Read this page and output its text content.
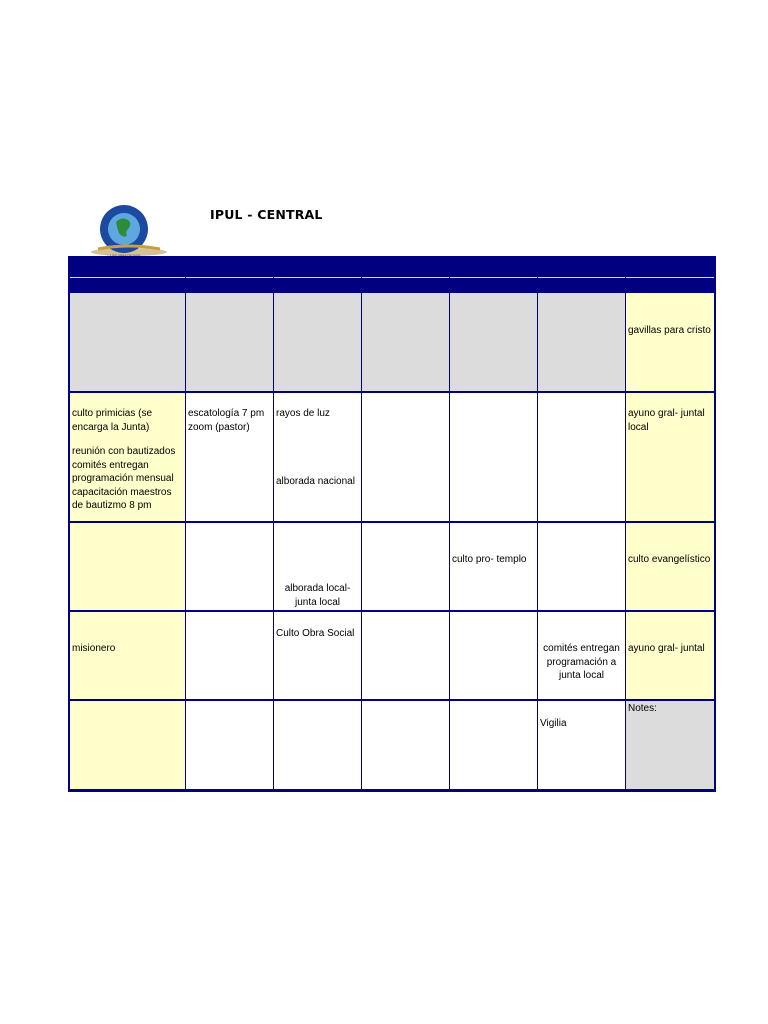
IPUL - CENTRAL
gavillas para cristo
culto primicias (se encarga la Junta)
reunión con bautizados comités entregan programación mensual capacitación maestros de bautizmo 8 pm
escatología 7 pm zoom (pastor)
rayos de luz
alborada nacional
ayuno gral- juntal local
alborada local- junta local
culto pro- templo	culto evangelístico
misionero
Culto Obra Social
comités entregan programación a junta local
ayuno gral- juntal
Vigilia
Notes:
